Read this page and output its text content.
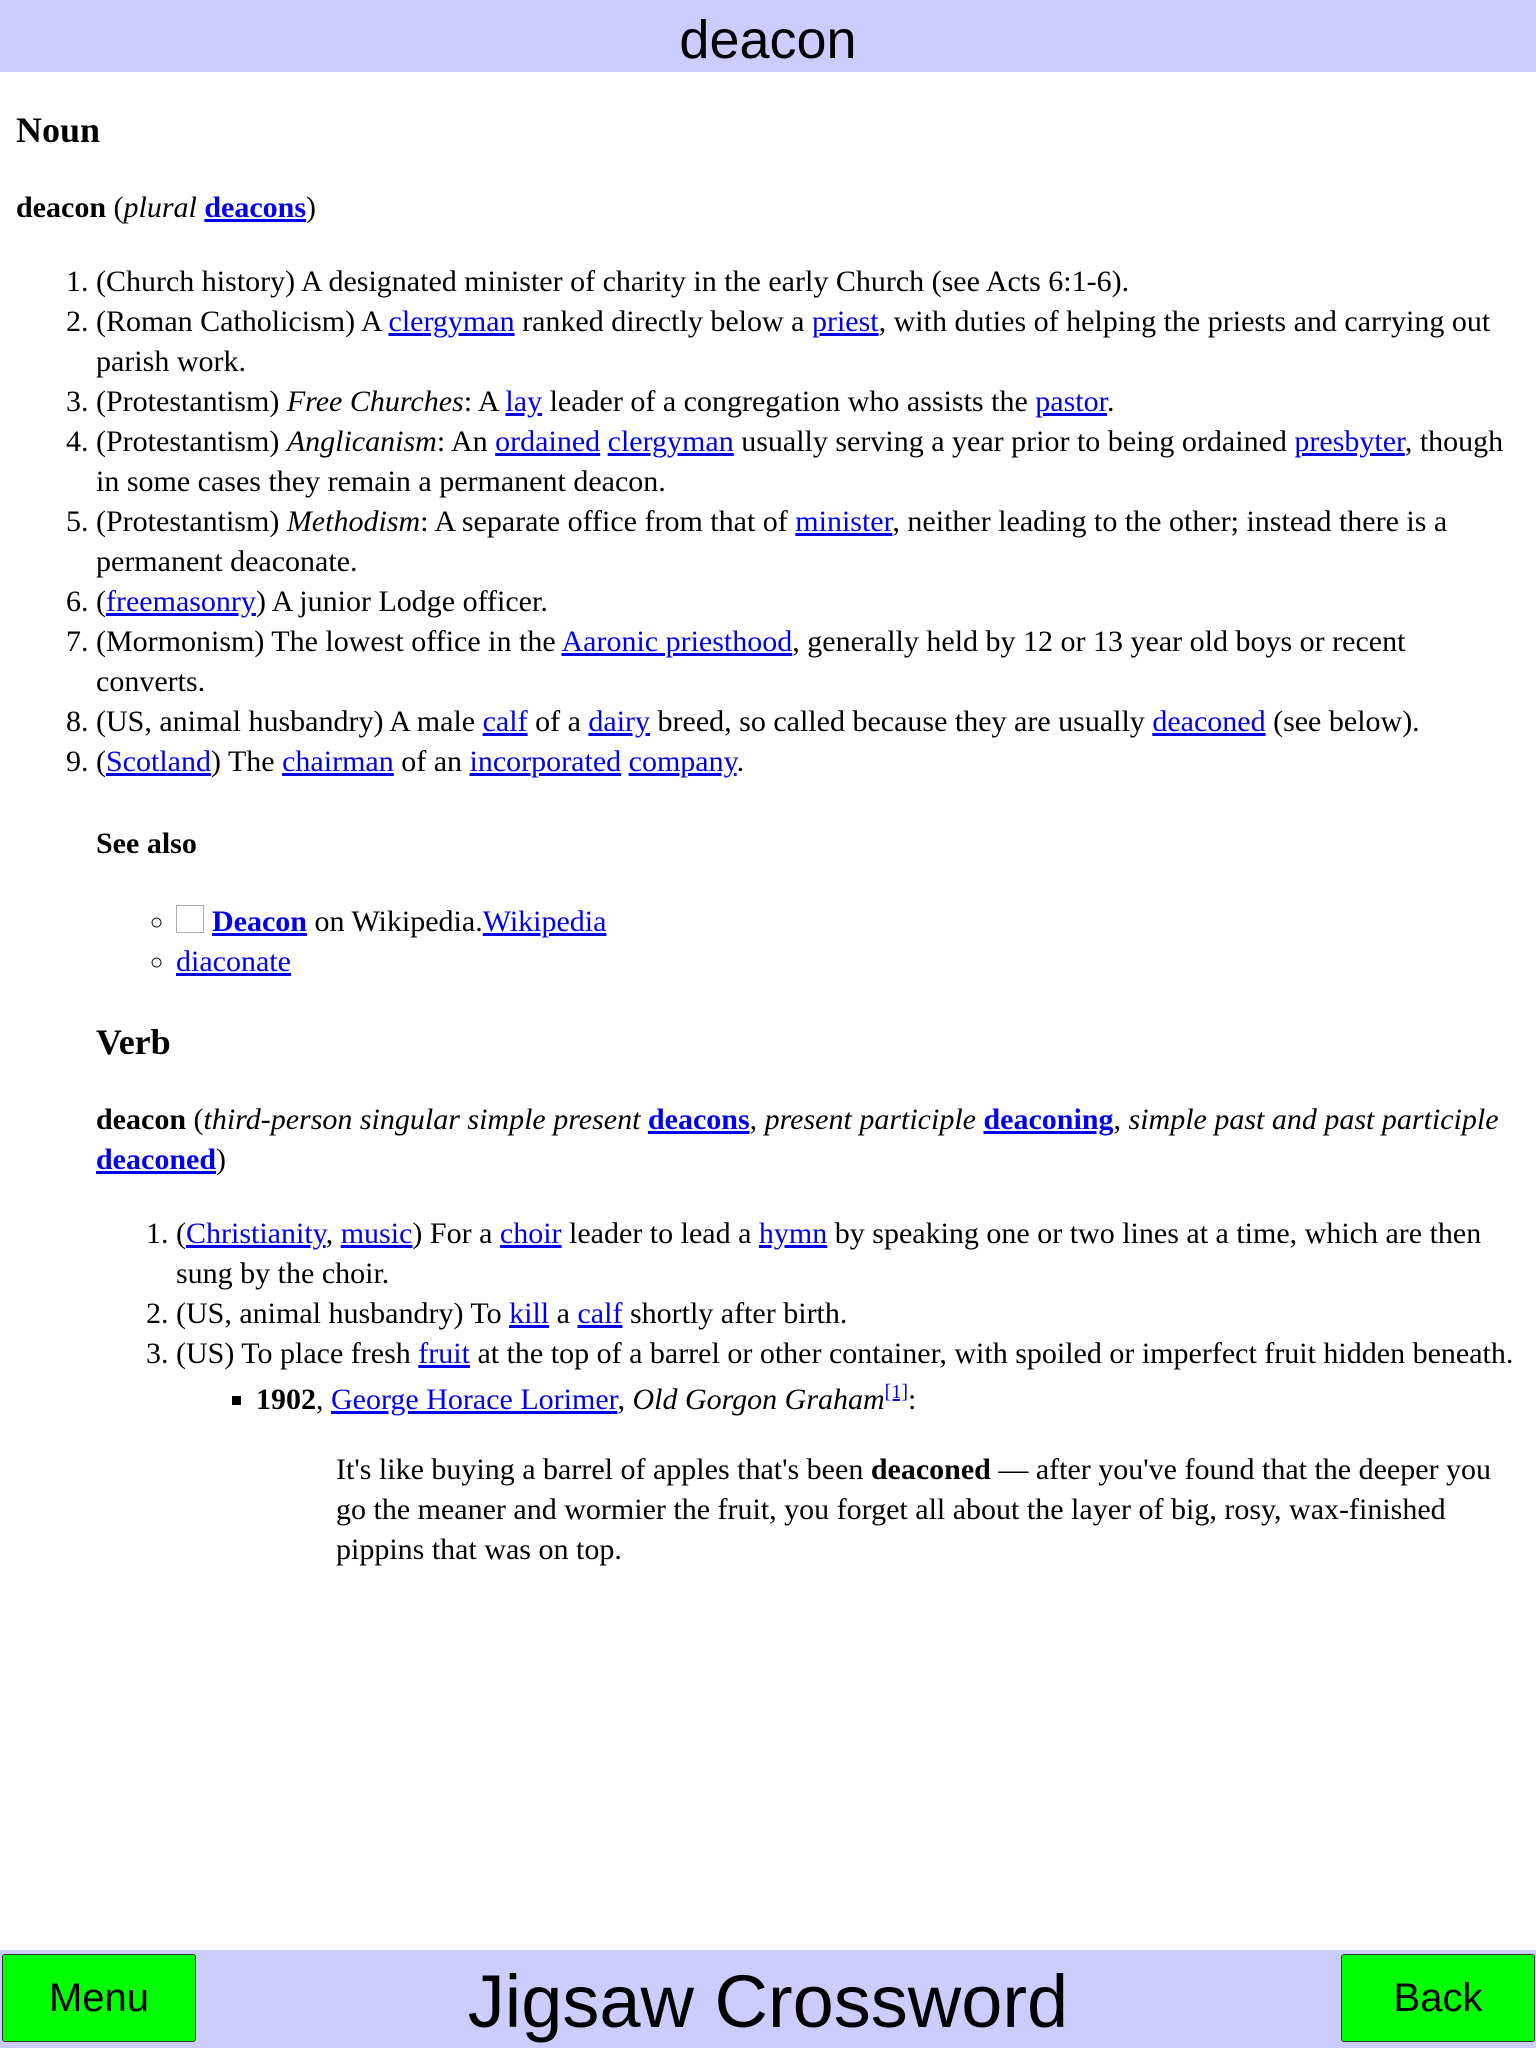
deacon
Noun
deacon (plural deacons)
1. (Church history) A designated minister of charity in the early Church (see Acts 6:1-6).
2. (Roman Catholicism) A clergyman ranked directly below a priest, with duties of helping the priests and carrying out parish work.
3. (Protestantism) Free Churches: A lay leader of a congregation who assists the pastor.
4. (Protestantism) Anglicanism: An ordained clergyman usually serving a year prior to being ordained presbyter, though in some cases they remain a permanent deacon.
5. (Protestantism) Methodism: A separate office from that of minister, neither leading to the other; instead there is a permanent deaconate.
6. (freemasonry) A junior Lodge officer.
7. (Mormonism) The lowest office in the Aaronic priesthood, generally held by 12 or 13 year old boys or recent converts.
8. (US, animal husbandry) A male calf of a dairy breed, so called because they are usually deaconed (see below).
9. (Scotland) The chairman of an incorporated company.
See also
◦ Deacon on Wikipedia.Wikipedia
◦ diaconate
Verb
deacon (third-person singular simple present deacons, present participle deaconing, simple past and past participle deaconed)
1. (Christianity, music) For a choir leader to lead a hymn by speaking one or two lines at a time, which are then sung by the choir.
2. (US, animal husbandry) To kill a calf shortly after birth.
3. (US) To place fresh fruit at the top of a barrel or other container, with spoiled or imperfect fruit hidden beneath.
▪ 1902, George Horace Lorimer, Old Gorgon Graham[1]:
It's like buying a barrel of apples that's been deaconed — after you've found that the deeper you go the meaner and wormier the fruit, you forget all about the layer of big, rosy, wax-finished pippins that was on top.
Jigsaw Crossword
Menu	Back
